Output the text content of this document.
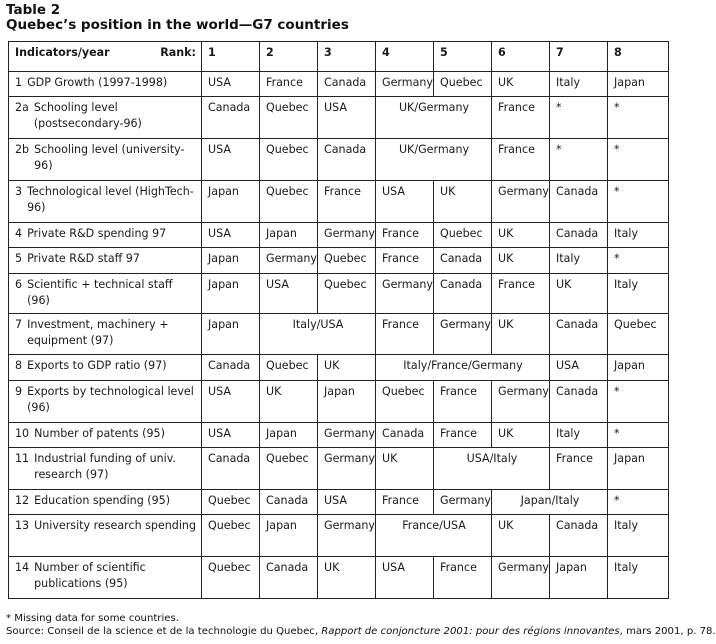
Table 2
Quebec’s position in the world—G7 countries
Indicators/year Rank:	1	2	3	4	5	6	7	8

1 GDP Growth (1997-1998)	USA	France	Canada	Germany	Quebec	UK	Italy	Japan

2a Schooling level (postsecondary-96)	Canada	Quebec	USA	UK/Germany		France	*	*

2b Schooling level (university-96)	USA	Quebec	Canada	UK/Germany		France	*	*

3 Technological level (HighTech-96)	Japan	Quebec	France	USA	UK	Germany	Canada	*

4 Private R&D spending 97	USA	Japan	Germany	France	Quebec	UK	Canada	Italy

5 Private R&D staff 97	Japan	Germany	Quebec	France	Canada	UK	Italy	*

6 Scientific + technical staff (96)	Japan	USA	Quebec	Germany	Canada	France	UK	Italy

7 Investment, machinery + equipment (97)	Japan	Italy/USA		France	Germany	UK	Canada	Quebec

8 Exports to GDP ratio (97)	Canada	Quebec	UK	Italy/France/Germany			USA	Japan

9 Exports by technological level (96)	USA	UK	Japan	Quebec	France	Germany	Canada	*

10 Number of patents (95)	USA	Japan	Germany	Canada	France	UK	Italy	*

11 Industrial funding of univ. research (97)	Canada	Quebec	Germany	UK	USA/Italy		France	Japan

12 Education spending (95)	Quebec	Canada	USA	France	Germany	Japan/Italy		*

13 University research spending	Quebec	Japan	Germany	France/USA		UK	Canada	Italy

14 Number of scientific publications (95)	Quebec	Canada	UK	USA	France	Germany	Japan	Italy
* Missing data for some countries.
Source: Conseil de la science et de la technologie du Quebec, Rapport de conjoncture 2001: pour des régions innovantes, mars 2001, p. 78.
